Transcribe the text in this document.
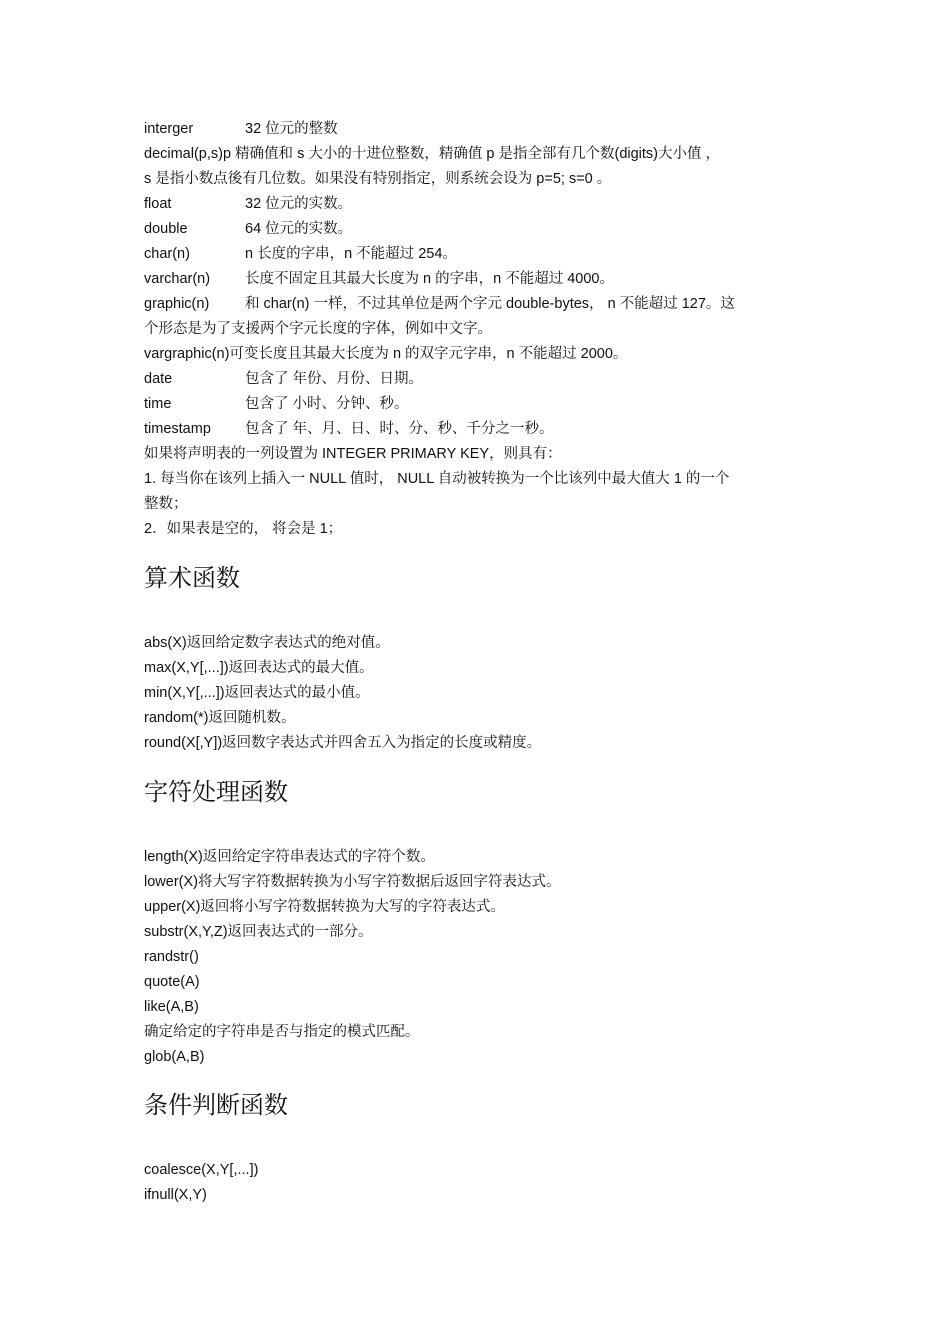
interger	32 位元的整数
decimal(p,s) p 精确值和 s 大小的十进位整数，精确值 p 是指全部有几个数(digits)大小值 ，
s 是指小数点後有几位数。如果没有特别指定，则系统会设为 p=5; s=0 。
float	32 位元的实数。
double	64 位元的实数。
char(n)	n 长度的字串，n 不能超过 254。
varchar(n)	长度不固定且其最大长度为 n 的字串，n 不能超过 4000。
graphic(n)	和 char(n) 一样，不过其单位是两个字元 double-bytes， n 不能超过 127。这
个形态是为了支援两个字元长度的字体，例如中文字。
vargraphic(n) 可变长度且其最大长度为 n 的双字元字串，n 不能超过 2000。
date	包含了 年份、月份、日期。
time	包含了 小时、分钟、秒。
timestamp	包含了 年、月、日、时、分、秒、千分之一秒。
如果将声明表的一列设置为 INTEGER PRIMARY KEY，则具有：
1. 每当你在该列上插入一 NULL 值时， NULL 自动被转换为一个比该列中最大值大 1 的一个
整数；
2．如果表是空的， 将会是 1；
算术函数
abs(X)返回给定数字表达式的绝对值。
max(X,Y[,...])返回表达式的最大值。
min(X,Y[,...])返回表达式的最小值。
random(*)返回随机数。
round(X[,Y])返回数字表达式并四舍五入为指定的长度或精度。
字符处理函数
length(X)返回给定字符串表达式的字符个数。
lower(X)将大写字符数据转换为小写字符数据后返回字符表达式。
upper(X)返回将小写字符数据转换为大写的字符表达式。
substr(X,Y,Z)返回表达式的一部分。
randstr()
quote(A)
like(A,B)
确定给定的字符串是否与指定的模式匹配。
glob(A,B)
条件判断函数
coalesce(X,Y[,...])
ifnull(X,Y)
